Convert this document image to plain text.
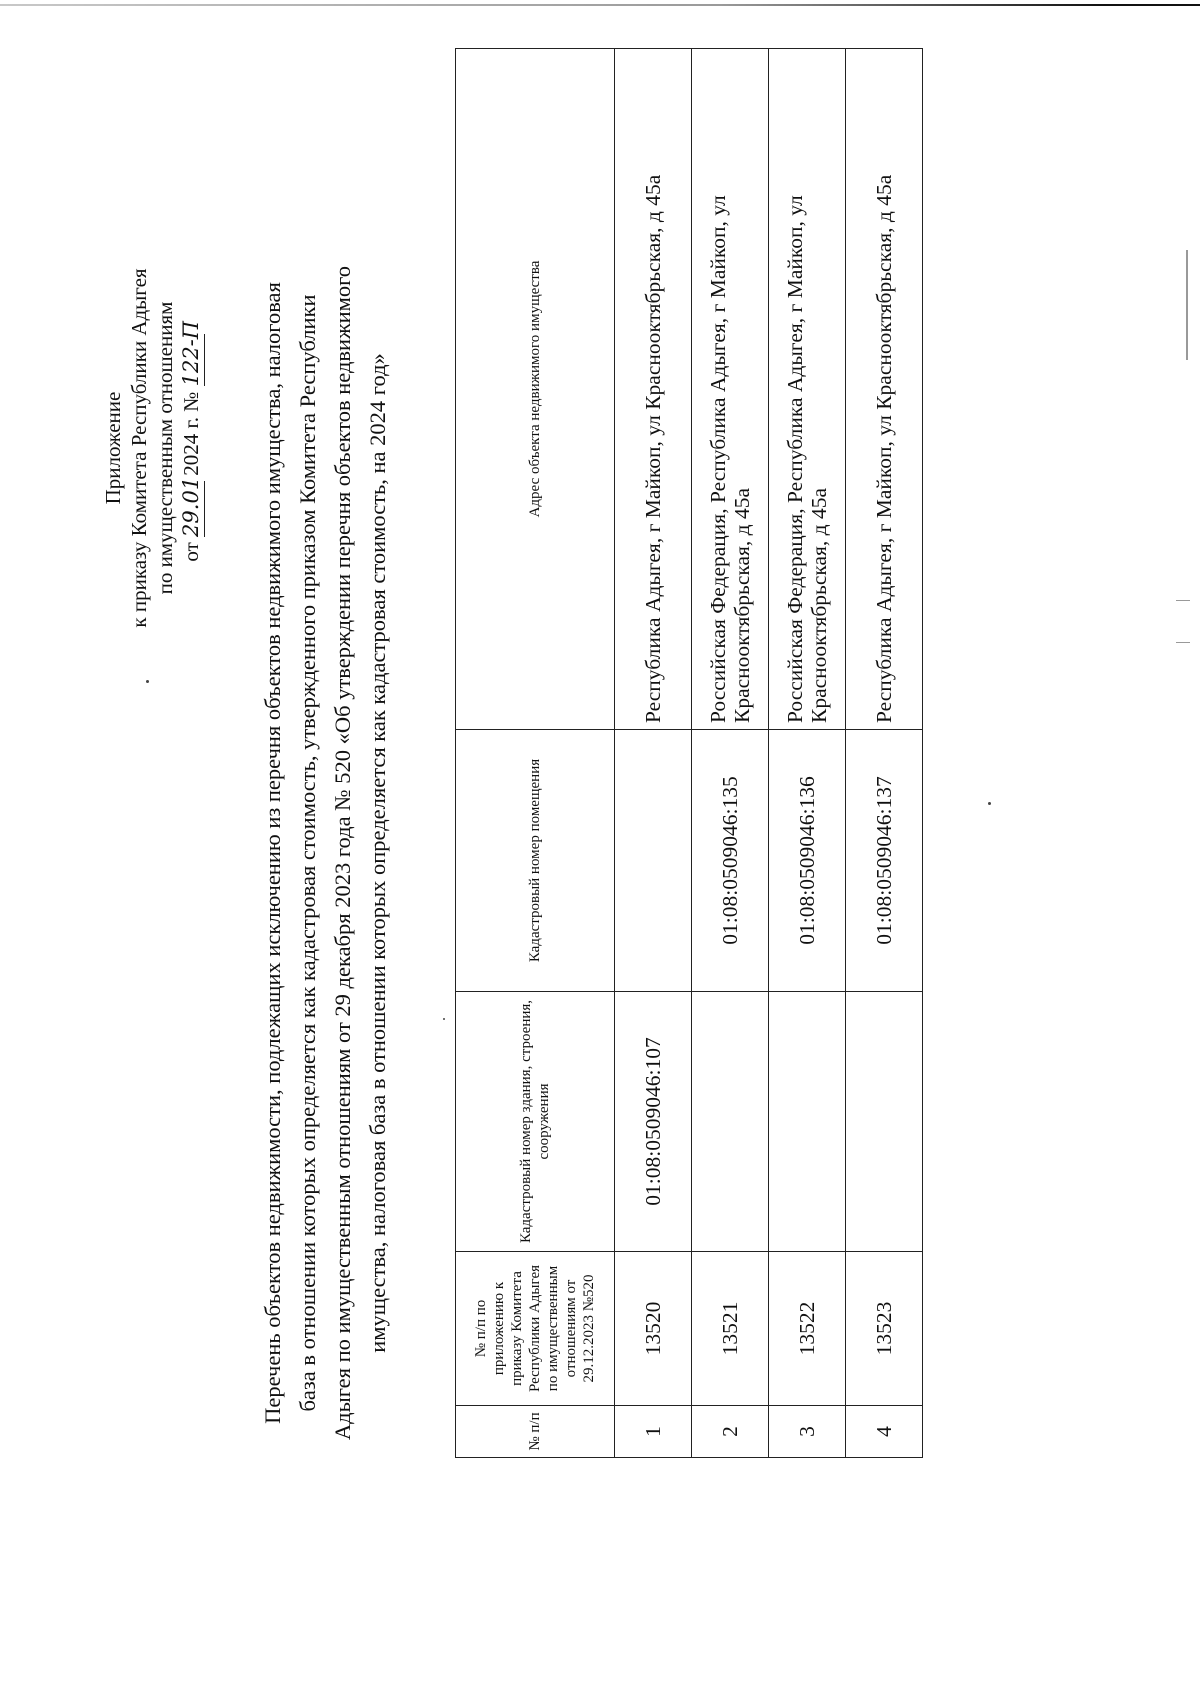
Приложение к приказу Комитета Республики Адыгея по имущественным отношениям от 29.01 2024 г. № 122-П	Перечень объектов недвижимости, подлежащих исключению из перечня объектов недвижимого имущества, налоговая база в отношении которых определяется как кадастровая стоимость, утвержденного приказом Комитета Республики Адыгея по имущественным отношениям от 29 декабря 2023 года № 520 «Об утверждении перечня объектов недвижимого имущества, налоговая база в отношении которых определяется как кадастровая стоимость, на 2024 год»
№ п/п	№ п/п по приложению к приказу Комитета Республики Адыгея по имущественным отношениям от 29.12.2023 №520	Кадастровый номер здания, строения, сооружения	Кадастровый номер помещения	Адрес объекта недвижимого имущества
1	13520	01:08:0509046:107		Республика Адыгея, г Майкоп, ул Краснооктябрьская, д 45а
2	13521		01:08:0509046:135	Российская Федерация, Республика Адыгея, г Майкоп, ул Краснооктябрьская, д 45а
3	13522		01:08:0509046:136	Российская Федерация, Республика Адыгея, г Майкоп, ул Краснооктябрьская, д 45а
4	13523		01:08:0509046:137	Республика Адыгея, г Майкоп, ул Краснооктябрьская, д 45а
